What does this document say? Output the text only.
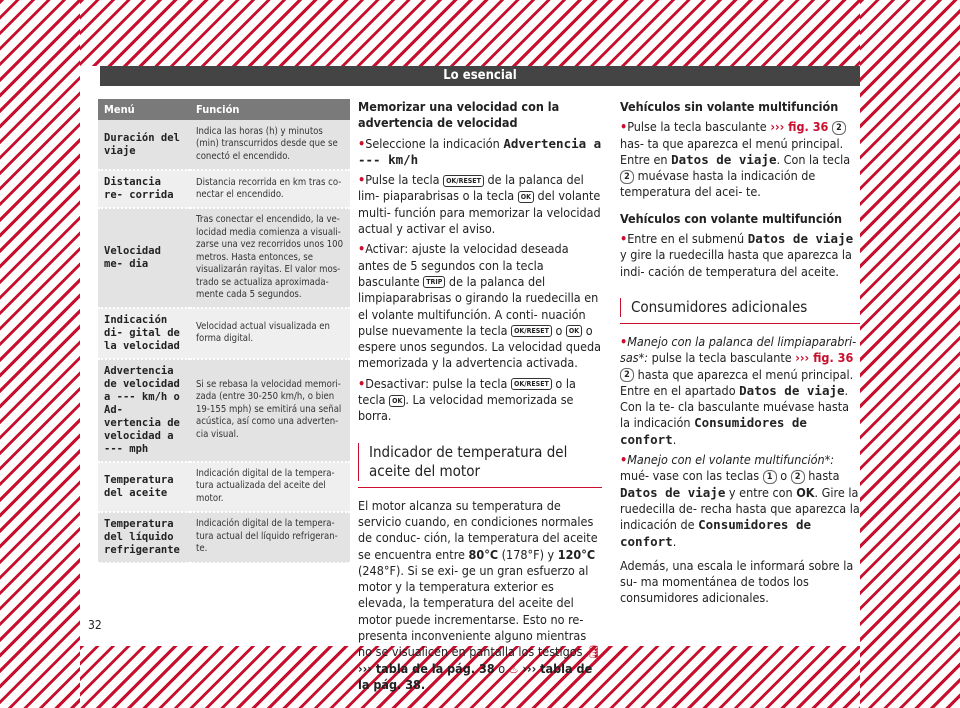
Lo esencial
Menú	Función
Duración del viaje	Indica las horas (h) y minutos (min) transcurridos desde que se conectó el encendido.
Distancia re- corrida	Distancia recorrida en km tras co- nectar el encendido.
Velocidad me- dia	Tras conectar el encendido, la ve- locidad media comienza a visuali- zarse una vez recorridos unos 100 metros. Hasta entonces, se visualizarán rayitas. El valor mos- trado se actualiza aproximada- mente cada 5 segundos.
Indicación di- gital de la velocidad	Velocidad actual visualizada en forma digital.
Advertencia de velocidad a --- km/h o Ad- vertencia de velocidad a --- mph	Si se rebasa la velocidad memori- zada (entre 30-250 km/h, o bien 19-155 mph) se emitirá una señal acústica, así como una adverten- cia visual.
Temperatura del aceite	Indicación digital de la tempera- tura actualizada del aceite del motor.
Temperatura del líquido refrigerante	Indicación digital de la tempera- tura actual del líquido refrigeran- te.

Memorizar una velocidad con la advertencia de velocidad

• Seleccione la indicación Advertencia a --- km/h

• Pulse la tecla OK/RESET de la palanca del lim- piaparabrisas o la tecla OK del volante multi- función para memorizar la velocidad actual y activar el aviso.

• Activar: ajuste la velocidad deseada antes de 5 segundos con la tecla basculante TRIP de la palanca del limpiaparabrisas o girando la ruedecilla en el volante multifunción. A conti- nuación pulse nuevamente la tecla OK/RESET o OK o espere unos segundos. La velocidad queda memorizada y la advertencia activada.

• Desactivar: pulse la tecla OK/RESET o la tecla OK . La velocidad memorizada se borra.

Indicador de temperatura del aceite del motor

El motor alcanza su temperatura de servicio cuando, en condiciones normales de conduc- ción, la temperatura del aceite se encuentra entre 80°C (178°F) y 120°C (248°F). Si se exi- ge un gran esfuerzo al motor y la temperatura exterior es elevada, la temperatura del aceite del motor puede incrementarse. Esto no re- presenta inconveniente alguno mientras no se visualicen en pantalla los testigos 🛢 ››› tabla de la pág. 38 o ♨ ››› tabla de la pág. 38.

Vehículos sin volante multifunción

• Pulse la tecla basculante ››› fig. 36 2 has- ta que aparezca el menú principal. Entre en Datos de viaje. Con la tecla 2 muévase hasta la indicación de temperatura del acei- te.

Vehículos con volante multifunción

• Entre en el submenú Datos de viaje y gire la ruedecilla hasta que aparezca la indi- cación de temperatura del aceite.

Consumidores adicionales

• Manejo con la palanca del limpiaparabri- sas*: pulse la tecla basculante ››› fig. 36 2 hasta que aparezca el menú principal. Entre en el apartado Datos de viaje. Con la te- cla basculante muévase hasta la indicación Consumidores de confort.

• Manejo con el volante multifunción*: mué- vase con las teclas 1 o 2 hasta Datos de viaje y entre con OK. Gire la ruedecilla de- recha hasta que aparezca la indicación de Consumidores de confort.

Además, una escala le informará sobre la su- ma momentánea de todos los consumidores adicionales.

32
